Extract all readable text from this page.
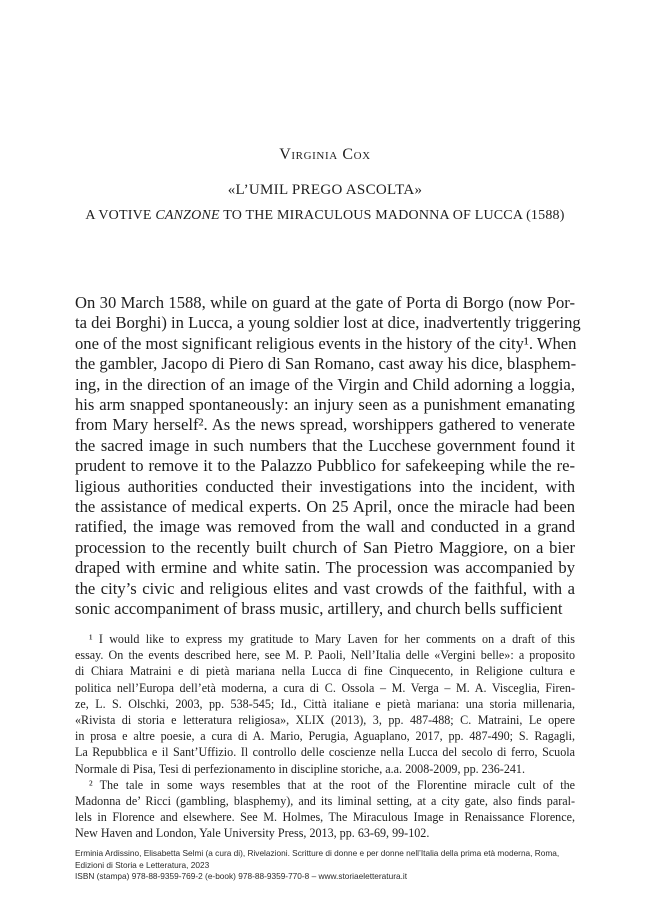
Virginia Cox
«L’UMIL PREGO ASCOLTA»
A VOTIVE CANZONE TO THE MIRACULOUS MADONNA OF LUCCA (1588)
On 30 March 1588, while on guard at the gate of Porta di Borgo (now Por-
ta dei Borghi) in Lucca, a young soldier lost at dice, inadvertently triggering
one of the most significant religious events in the history of the city¹. When
the gambler, Jacopo di Piero di San Romano, cast away his dice, blasphem-
ing, in the direction of an image of the Virgin and Child adorning a loggia,
his arm snapped spontaneously: an injury seen as a punishment emanating
from Mary herself². As the news spread, worshippers gathered to venerate
the sacred image in such numbers that the Lucchese government found it
prudent to remove it to the Palazzo Pubblico for safekeeping while the re-
ligious authorities conducted their investigations into the incident, with
the assistance of medical experts. On 25 April, once the miracle had been
ratified, the image was removed from the wall and conducted in a grand
procession to the recently built church of San Pietro Maggiore, on a bier
draped with ermine and white satin. The procession was accompanied by
the city’s civic and religious elites and vast crowds of the faithful, with a
sonic accompaniment of brass music, artillery, and church bells sufficient
¹ I would like to express my gratitude to Mary Laven for her comments on a draft of this
essay. On the events described here, see M. P. Paoli, Nell’Italia delle «Vergini belle»: a proposito
di Chiara Matraini e di pietà mariana nella Lucca di fine Cinquecento, in Religione cultura e
politica nell’Europa dell’età moderna, a cura di C. Ossola – M. Verga – M. A. Visceglia, Firen-
ze, L. S. Olschki, 2003, pp. 538-545; Id., Città italiane e pietà mariana: una storia millenaria,
«Rivista di storia e letteratura religiosa», XLIX (2013), 3, pp. 487-488; C. Matraini, Le opere
in prosa e altre poesie, a cura di A. Mario, Perugia, Aguaplano, 2017, pp. 487-490; S. Ragagli,
La Repubblica e il Sant’Uffizio. Il controllo delle coscienze nella Lucca del secolo di ferro, Scuola
Normale di Pisa, Tesi di perfezionamento in discipline storiche, a.a. 2008-2009, pp. 236-241.
² The tale in some ways resembles that at the root of the Florentine miracle cult of the
Madonna de’ Ricci (gambling, blasphemy), and its liminal setting, at a city gate, also finds paral-
lels in Florence and elsewhere. See M. Holmes, The Miraculous Image in Renaissance Florence,
New Haven and London, Yale University Press, 2013, pp. 63-69, 99-102.
Erminia Ardissino, Elisabetta Selmi (a cura di), Rivelazioni. Scritture di donne e per donne nell’Italia della prima età moderna, Roma,
Edizioni di Storia e Letteratura, 2023
ISBN (stampa) 978-88-9359-769-2 (e-book) 978-88-9359-770-8 – www.storiaeletteratura.it
